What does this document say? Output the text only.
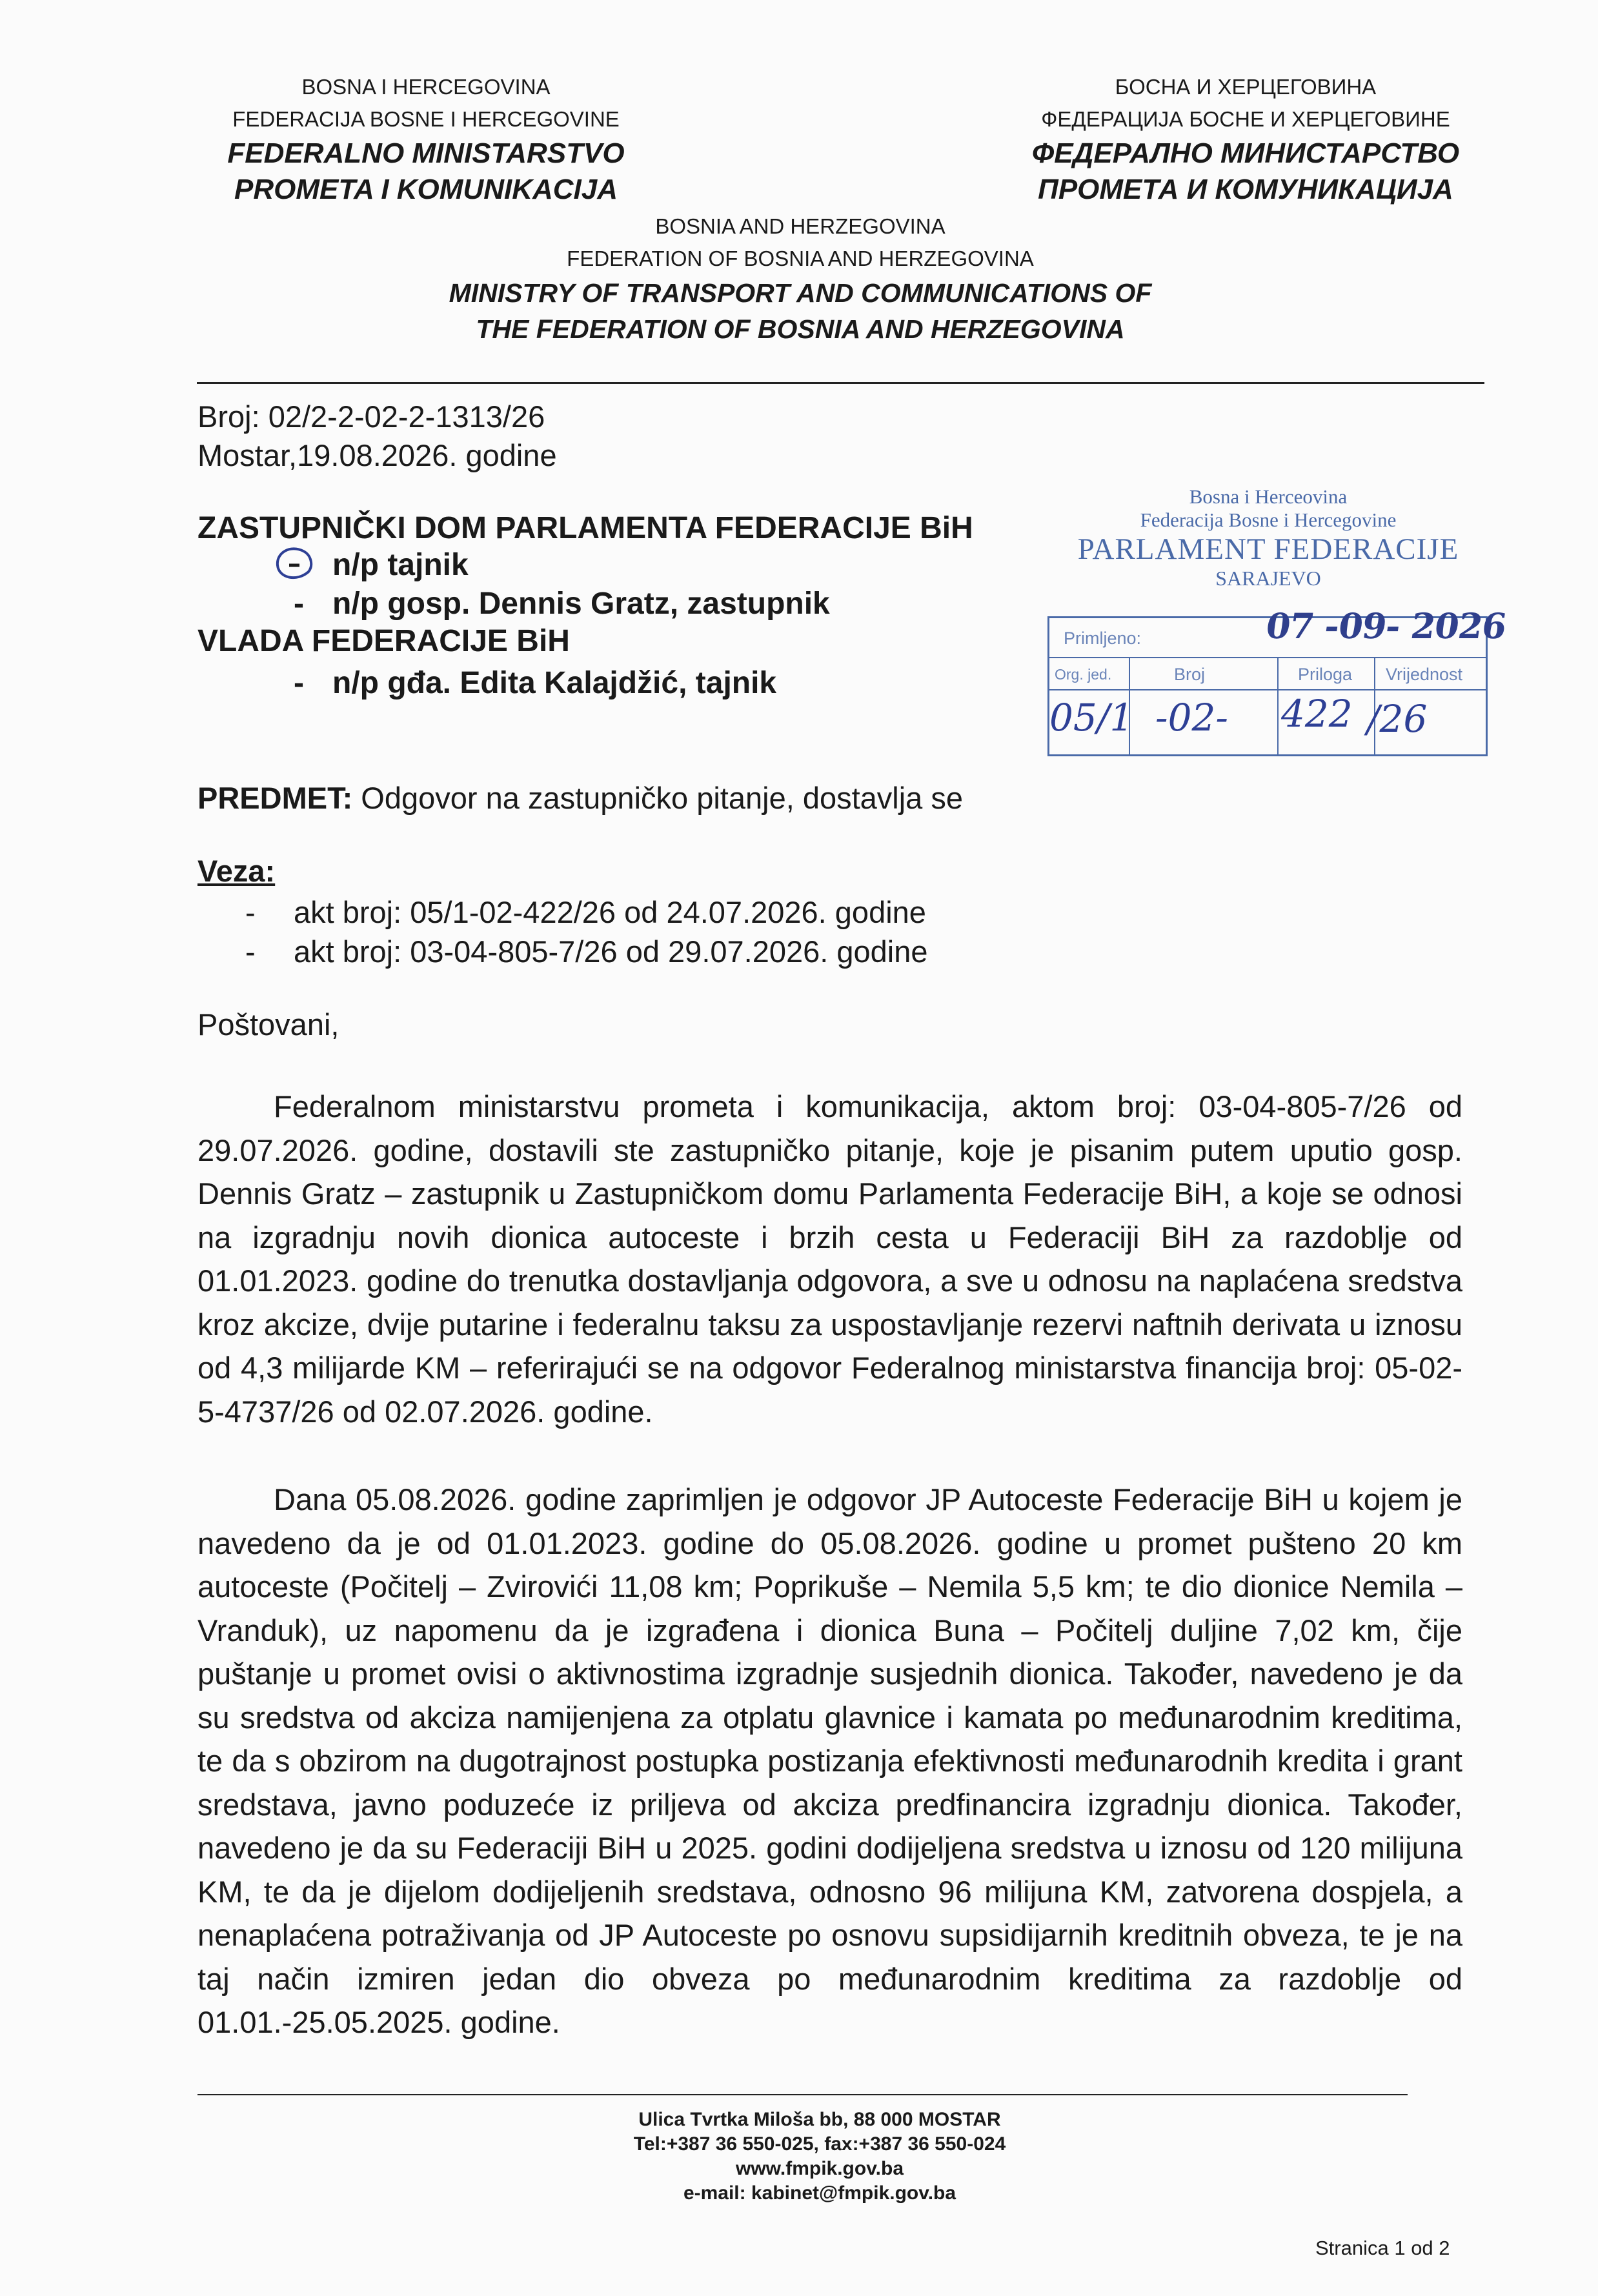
BOSNA I HERCEGOVINA
FEDERACIJA BOSNE I HERCEGOVINE
FEDERALNO MINISTARSTVO
PROMETA I KOMUNIKACIJA
БОСНА И ХЕРЦЕГОВИНА
ФЕДЕРАЦИЈА БОСНЕ И ХЕРЦЕГОВИНЕ
ФЕДЕРАЛНО МИНИСТАРСТВО
ПРОМЕТА И КОМУНИКАЦИЈА
BOSNIA AND HERZEGOVINA
FEDERATION OF BOSNIA AND HERZEGOVINA
MINISTRY OF TRANSPORT AND COMMUNICATIONS OF
THE FEDERATION OF BOSNIA AND HERZEGOVINA
Broj: 02/2-2-02-2-1313/26
Mostar,19.08.2026. godine
ZASTUPNIČKI DOM PARLAMENTA FEDERACIJE BiH
n/p tajnik
- n/p gosp. Dennis Gratz, zastupnik
VLADA FEDERACIJE BiH
- n/p gđa. Edita Kalajdžić, tajnik
Bosna i Herceovina
Federacija Bosne i Hercegovine
PARLAMENT FEDERACIJE
SARAJEVO
Primljeno:
Org. jed.	Broj	Priloga Vrijednost
07 -09- 2026
05/1 -02- 422 /26
PREDMET: Odgovor na zastupničko pitanje, dostavlja se
Veza:
- akt broj: 05/1-02-422/26 od 24.07.2026. godine
- akt broj: 03-04-805-7/26 od 29.07.2026. godine
Poštovani,
Federalnom ministarstvu prometa i komunikacija, aktom broj: 03-04-805-7/26 od 29.07.2026. godine, dostavili ste zastupničko pitanje, koje je pisanim putem uputio gosp. Dennis Gratz – zastupnik u Zastupničkom domu Parlamenta Federacije BiH, a koje se odnosi na izgradnju novih dionica autoceste i brzih cesta u Federaciji BiH za razdoblje od 01.01.2023. godine do trenutka dostavljanja odgovora, a sve u odnosu na naplaćena sredstva kroz akcize, dvije putarine i federalnu taksu za uspostavljanje rezervi naftnih derivata u iznosu od 4,3 milijarde KM – referirajući se na odgovor Federalnog ministarstva financija broj: 05-02-5-4737/26 od 02.07.2026. godine.
Dana 05.08.2026. godine zaprimljen je odgovor JP Autoceste Federacije BiH u kojem je navedeno da je od 01.01.2023. godine do 05.08.2026. godine u promet pušteno 20 km autoceste (Počitelj – Zvirovići 11,08 km; Poprikuše – Nemila 5,5 km; te dio dionice Nemila – Vranduk), uz napomenu da je izgrađena i dionica Buna – Počitelj duljine 7,02 km, čije puštanje u promet ovisi o aktivnostima izgradnje susjednih dionica. Također, navedeno je da su sredstva od akciza namijenjena za otplatu glavnice i kamata po međunarodnim kreditima, te da s obzirom na dugotrajnost postupka postizanja efektivnosti međunarodnih kredita i grant sredstava, javno poduzeće iz priljeva od akciza predfinancira izgradnju dionica. Također, navedeno je da su Federaciji BiH u 2025. godini dodijeljena sredstva u iznosu od 120 milijuna KM, te da je dijelom dodijeljenih sredstava, odnosno 96 milijuna KM, zatvorena dospjela, a nenaplaćena potraživanja od JP Autoceste po osnovu supsidijarnih kreditnih obveza, te je na taj način izmiren jedan dio obveza po međunarodnim kreditima za razdoblje od 01.01.-25.05.2025. godine.
Ulica Tvrtka Miloša bb, 88 000 MOSTAR
Tel:+387 36 550-025, fax:+387 36 550-024
www.fmpik.gov.ba
e-mail: kabinet@fmpik.gov.ba
Stranica 1 od 2
